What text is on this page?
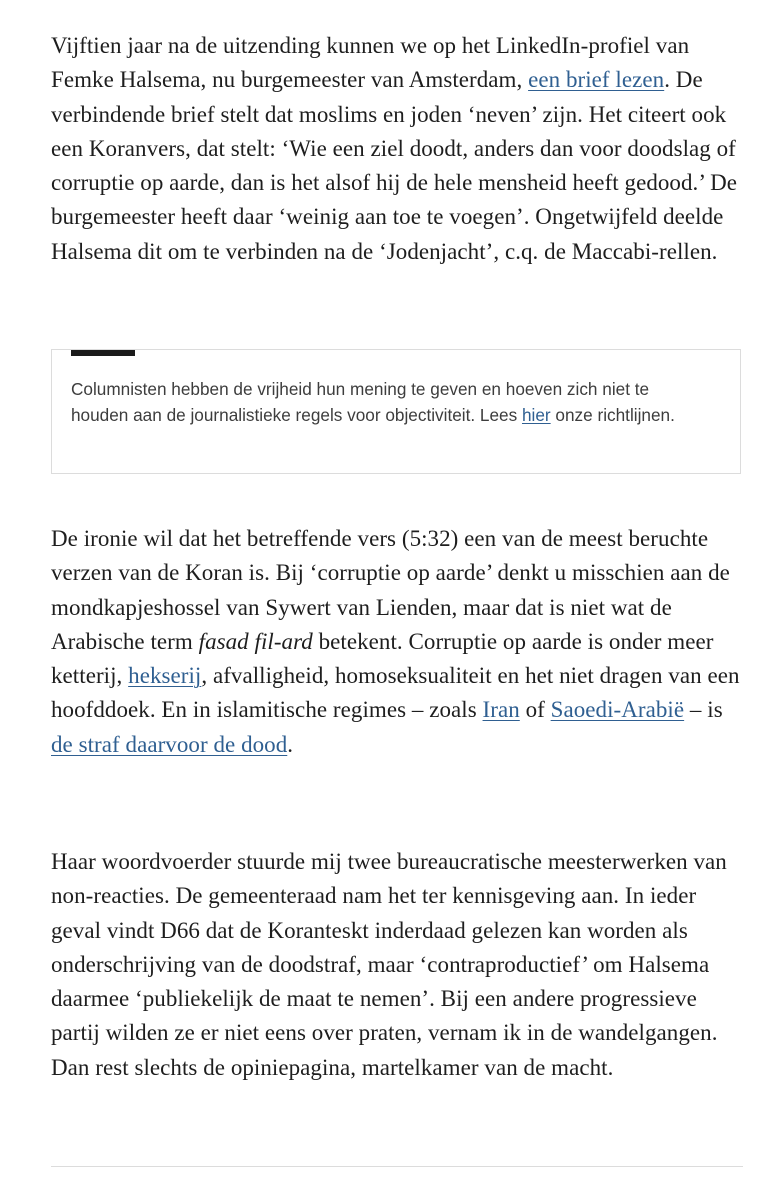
Vijftien jaar na de uitzending kunnen we op het LinkedIn-profiel van Femke Halsema, nu burgemeester van Amsterdam, een brief lezen. De verbindende brief stelt dat moslims en joden ‘neven’ zijn. Het citeert ook een Koranvers, dat stelt: ‘Wie een ziel doodt, anders dan voor doodslag of corruptie op aarde, dan is het alsof hij de hele mensheid heeft gedood.’ De burgemeester heeft daar ‘weinig aan toe te voegen’. Ongetwijfeld deelde Halsema dit om te verbinden na de ‘Jodenjacht’, c.q. de Maccabi-rellen.

Columnisten hebben de vrijheid hun mening te geven en hoeven zich niet te houden aan de journalistieke regels voor objectiviteit. Lees hier onze richtlijnen.

De ironie wil dat het betreffende vers (5:32) een van de meest beruchte verzen van de Koran is. Bij ‘corruptie op aarde’ denkt u misschien aan de mondkapjeshossel van Sywert van Lienden, maar dat is niet wat de Arabische term fasad fil-ard betekent. Corruptie op aarde is onder meer ketterij, hekserij, afvalligheid, homoseksualiteit en het niet dragen van een hoofddoek. En in islamitische regimes – zoals Iran of Saoedi-Arabië – is de straf daarvoor de dood.

Haar woordvoerder stuurde mij twee bureaucratische meesterwerken van non-reacties. De gemeenteraad nam het ter kennisgeving aan. In ieder geval vindt D66 dat de Koranteskt inderdaad gelezen kan worden als onderschrijving van de doodstraf, maar ‘contraproductief’ om Halsema daarmee ‘publiekelijk de maat te nemen’. Bij een andere progressieve partij wilden ze er niet eens over praten, vernam ik in de wandelgangen. Dan rest slechts de opiniepagina, martelkamer van de macht.
